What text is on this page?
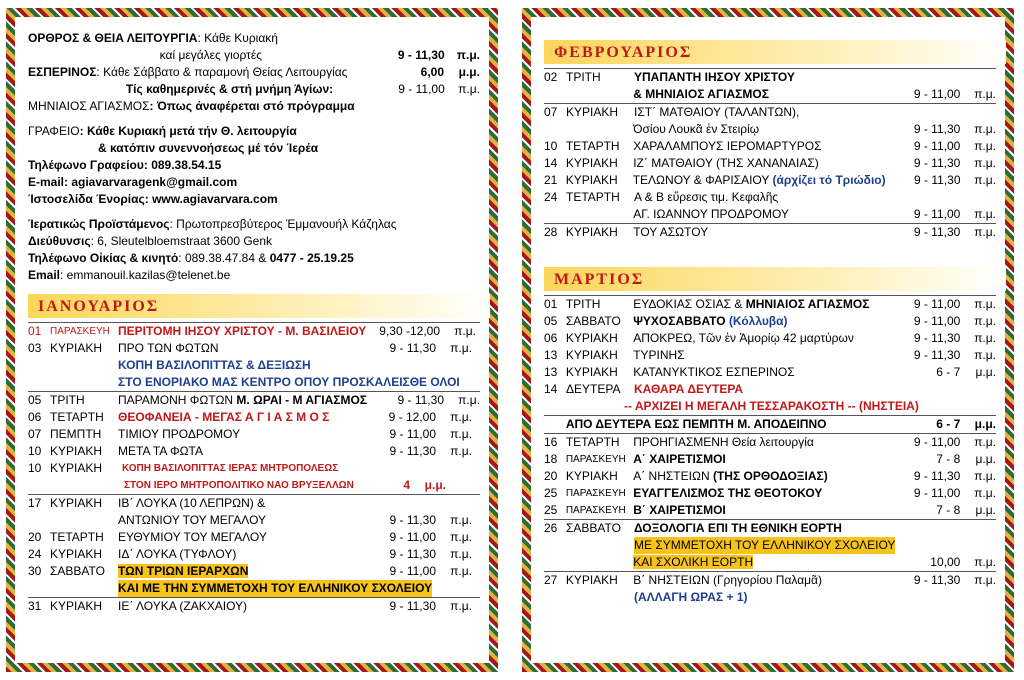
ΟΡΘΡΟΣ & ΘΕΙΑ ΛΕΙΤΟΥΡΓΙΑ : Κάθε Κυριακή
καί μεγάλες γιορτές	9 - 11,30	π.μ.
ΕΣΠΕΡΙΝΟΣ : Κάθε Σάββατο & παραμονή Θείας Λειτουργίας	6,00	μ.μ.
Τίς καθημερινές & στή μνήμη Άγίων:	9 - 11,00	π.μ.
ΜΗΝΙΑΙΟΣ ΑΓΙΑΣΜΟΣ : Όπως άναφέρεται στό πρόγραμμα
ΓΡΑΦΕΙΟ : Κάθε Κυριακή μετά τήν Θ. λειτουργία
& κατόπιν συνεννοήσεως μέ τόν Ίερέα
Τηλέφωνο Γραφείου: 089.38.54.15
E-mail: agiavarvaragenk@gmail.com
Ίστοσελίδα Ένορίας: www.agiavarvara.com
Ίερατικώς Προϊστάμενος : Πρωτοπρεσβύτερος Έμμανουήλ Κάζηλας
Διεύθυνσις : 6, Sleutelbloemstraat 3600 Genk
Τηλέφωνο Οἰκίας & κινητό : 089.38.47.84 &
0477 - 25.19.25
Email : emmanouil.kazilas@telenet.be
ΙΑΝΟΥΑΡΙΟΣ
01 ΠΑΡΑΣΚΕΥΗ ΠΕΡΙΤΟΜΗ ΙΗΣΟΥ ΧΡΙΣΤΟΥ - Μ. ΒΑΣΙΛΕΙΟΥ	9,30 -12,00	π.μ.
03 ΚΥΡΙΑΚΗ	ΠΡΟ ΤΩΝ ΦΩΤΩΝ	9 - 11,30	π.μ.
ΚΟΠΗ ΒΑΣΙΛΟΠΙΤΤΑΣ & ΔΕΞΙΩΣΗ
ΣΤΟ ΕΝΟΡΙΑΚΟ ΜΑΣ ΚΕΝΤΡΟ ΟΠΟΥ ΠΡΟΣΚΑΛΕΙΣΘΕ ΟΛΟΙ
05 ΤΡΙΤΗ	ΠΑΡΑΜΟΝΗ ΦΩΤΩΝ
Μ. ΩΡΑΙ - Μ ΑΓΙΑΣΜΟΣ	9 - 11,30	π.μ.
06 ΤΕΤΑΡΤΗ	ΘΕΟΦΑΝΕΙΑ - ΜΕΓΑΣ Α Γ Ι Α Σ Μ Ο Σ	9 - 12,00	π.μ.
07 ΠΕΜΠΤΗ	ΤΙΜΙΟΥ ΠΡΟΔΡΟΜΟΥ	9 - 11,00	π.μ.
10 ΚΥΡΙΑΚΗ	ΜΕΤΑ ΤΑ ΦΩΤΑ	9 - 11,30	π.μ.
10 ΚΥΡΙΑΚΗ	ΚΟΠΗ ΒΑΣΙΛΟΠΙΤΤΑΣ ΙΕΡΑΣ ΜΗΤΡΟΠΟΛΕΩΣ
ΣΤΟΝ ΙΕΡΟ ΜΗΤΡΟΠΟΛΙΤΙΚΟ ΝΑΟ ΒΡΥΞΕΛΛΩΝ	4	μ.μ.
17 ΚΥΡΙΑΚΗ	ΙΒ΄ ΛΟΥΚΑ (10 ΛΕΠΡΩΝ) &
ΑΝΤΩΝΙΟΥ ΤΟΥ ΜΕΓΑΛΟΥ	9 - 11,30	π.μ.
20 ΤΕΤΑΡΤΗ	ΕΥΘΥΜΙΟΥ ΤΟΥ ΜΕΓΑΛΟΥ	9 - 11,00	π.μ.
24 ΚΥΡΙΑΚΗ	ΙΔ΄ ΛΟΥΚΑ (ΤΥΦΛΟΥ)	9 - 11,30	π.μ.
30 ΣΑΒΒΑΤΟ	ΤΩΝ ΤΡΙΩΝ ΙΕΡΑΡΧΩΝ	9 - 11,00	π.μ.
ΚΑΙ ΜΕ ΤΗΝ ΣΥΜΜΕΤΟΧΗ ΤΟΥ ΕΛΛΗΝΙΚΟΥ ΣΧΟΛΕΙΟΥ
31 ΚΥΡΙΑΚΗ	ΙΕ΄ ΛΟΥΚΑ (ΖΑΚΧΑΙΟΥ)	9 - 11,30	π.μ.
ΦΕΒΡΟΥΑΡΙΟΣ
02 ΤΡΙΤΗ	ΥΠΑΠΑΝΤΗ ΙΗΣΟΥ ΧΡΙΣΤΟΥ
& ΜΗΝΙΑΙΟΣ ΑΓΙΑΣΜΟΣ	9 - 11,00	π.μ.
07 ΚΥΡΙΑΚΗ	ΙΣΤ΄ ΜΑΤΘΑΙΟΥ (ΤΑΛΑΝΤΩΝ),
Όσίου Λουκᾶ ἐν Στειρίῳ	9 - 11,30	π.μ.
10 ΤΕΤΑΡΤΗ	ΧΑΡΑΛΑΜΠΟΥΣ ΙΕΡΟΜΑΡΤΥΡΟΣ	9 - 11,00	π.μ.
14 ΚΥΡΙΑΚΗ	ΙΖ΄ ΜΑΤΘΑΙΟΥ (ΤΗΣ ΧΑΝΑΝΑΙΑΣ)	9 - 11,30	π.μ.
21 ΚΥΡΙΑΚΗ	ΤΕΛΩΝΟΥ & ΦΑΡΙΣΑΙΟΥ (άρχίζει τό Τριώδιο)	9 - 11,30	π.μ.
24 ΤΕΤΑΡΤΗ	Α & Β εὕρεσις τιμ. Κεφαλῆς
ΑΓ. ΙΩΑΝΝΟΥ ΠΡΟΔΡΟΜΟΥ	9 - 11,00	π.μ.
28 ΚΥΡΙΑΚΗ	ΤΟΥ ΑΣΩΤΟΥ	9 - 11,30	π.μ.
ΜΑΡΤΙΟΣ
01 ΤΡΙΤΗ	ΕΥΔΟΚΙΑΣ ΟΣΙΑΣ & ΜΗΝΙΑΙΟΣ ΑΓΙΑΣΜΟΣ	9 - 11,00	π.μ.
05 ΣΑΒΒΑΤΟ	ΨΥΧΟΣΑΒΒΑΤΟ (Κόλλυβα)	9 - 11,00	π.μ.
06 ΚΥΡΙΑΚΗ	ΑΠΟΚΡΕΩ, Τῶν ἐν Ἀμορίῳ 42 μαρτύρων	9 - 11,30	π.μ.
13 ΚΥΡΙΑΚΗ	ΤΥΡΙΝΗΣ	9 - 11,30	π.μ.
13 ΚΥΡΙΑΚΗ	ΚΑΤΑΝΥΚΤΙΚΟΣ ΕΣΠΕΡΙΝΟΣ	6 - 7	μ.μ.
14 ΔΕΥΤΕΡΑ	ΚΑΘΑΡΑ ΔΕΥΤΕΡΑ
-- ΑΡΧΙΖΕΙ Η ΜΕΓΑΛΗ ΤΕΣΣΑΡΑΚΟΣΤΗ -- (ΝΗΣΤΕΙΑ)
ΑΠΟ ΔΕΥΤΕΡΑ ΕΩΣ ΠΕΜΠΤΗ Μ. ΑΠΟΔΕΙΠΝΟ	6 - 7	μ.μ.
16 ΤΕΤΑΡΤΗ	ΠΡΟΗΓΙΑΣΜΕΝΗ Θεία λειτουργία	9 - 11,00	π.μ.
18 ΠΑΡΑΣΚΕΥΗ Α΄ ΧΑΙΡΕΤΙΣΜΟΙ	7 - 8	μ.μ.
20 ΚΥΡΙΑΚΗ	Α΄ ΝΗΣΤΕΙΩΝ (ΤΗΣ ΟΡΘΟΔΟΞΙΑΣ)	9 - 11,30	π.μ.
25 ΠΑΡΑΣΚΕΥΗ ΕΥΑΓΓΕΛΙΣΜΟΣ ΤΗΣ ΘΕΟΤΟΚΟΥ	9 - 11,00	π.μ.
25 ΠΑΡΑΣΚΕΥΗ Β΄ ΧΑΙΡΕΤΙΣΜΟΙ	7 - 8	μ.μ.
26 ΣΑΒΒΑΤΟ	ΔΟΞΟΛΟΓΙΑ ΕΠΙ ΤΗ ΕΘΝΙΚΗ ΕΟΡΤΗ
ΜΕ ΣΥΜΜΕΤΟΧΗ ΤΟΥ ΕΛΛΗΝΙΚΟΥ ΣΧΟΛΕΙΟΥ
ΚΑΙ ΣΧΟΛΙΚΗ ΕΟΡΤΗ	10,00	π.μ.
27 ΚΥΡΙΑΚΗ	Β΄ ΝΗΣΤΕΙΩΝ (Γρηγορίου Παλαμᾶ)	9 - 11,30	π.μ.
(ΑΛΛΑΓΗ ΩΡΑΣ + 1)
